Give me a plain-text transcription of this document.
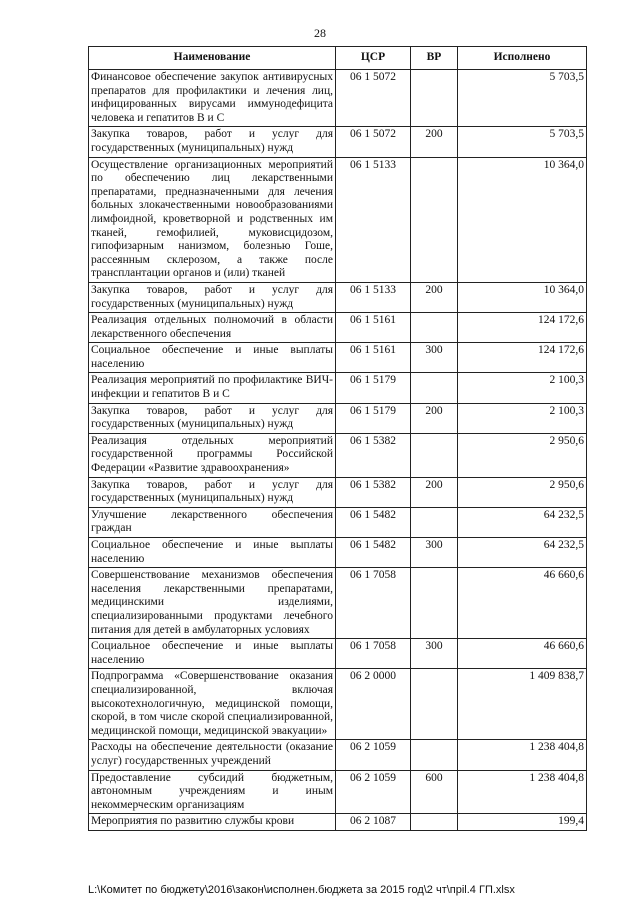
28
Наименование	ЦСР	ВР	Исполнено
Финансовое обеспечение закупок антивирусных препаратов для профилактики и лечения лиц, инфицированных вирусами иммунодефицита человека и гепатитов В и С	06 1 5072		5 703,5
Закупка товаров, работ и услуг для государственных (муниципальных) нужд	06 1 5072	200	5 703,5
Осуществление организационных мероприятий по обеспечению лиц лекарственными препаратами, предназначенными для лечения больных злокачественными новообразованиями лимфоидной, кроветворной и родственных им тканей, гемофилией, муковисцидозом, гипофизарным нанизмом, болезнью Гоше, рассеянным склерозом, а также после трансплантации органов и (или) тканей	06 1 5133		10 364,0
Закупка товаров, работ и услуг для государственных (муниципальных) нужд	06 1 5133	200	10 364,0
Реализация отдельных полномочий в области лекарственного обеспечения	06 1 5161		124 172,6
Социальное обеспечение и иные выплаты населению	06 1 5161	300	124 172,6
Реализация мероприятий по профилактике ВИЧ-инфекции и гепатитов В и С	06 1 5179		2 100,3
Закупка товаров, работ и услуг для государственных (муниципальных) нужд	06 1 5179	200	2 100,3
Реализация отдельных мероприятий государственной программы Российской Федерации «Развитие здравоохранения»	06 1 5382		2 950,6
Закупка товаров, работ и услуг для государственных (муниципальных) нужд	06 1 5382	200	2 950,6
Улучшение лекарственного обеспечения граждан	06 1 5482		64 232,5
Социальное обеспечение и иные выплаты населению	06 1 5482	300	64 232,5
Совершенствование механизмов обеспечения населения лекарственными препаратами, медицинскими изделиями, специализированными продуктами лечебного питания для детей в амбулаторных условиях	06 1 7058		46 660,6
Социальное обеспечение и иные выплаты населению	06 1 7058	300	46 660,6
Подпрограмма «Совершенствование оказания специализированной, включая высокотехнологичную, медицинской помощи, скорой, в том числе скорой специализированной, медицинской помощи, медицинской эвакуации»	06 2 0000		1 409 838,7
Расходы на обеспечение деятельности (оказание услуг) государственных учреждений	06 2 1059		1 238 404,8
Предоставление субсидий бюджетным, автономным учреждениям и иным некоммерческим организациям	06 2 1059	600	1 238 404,8
Мероприятия по развитию службы крови	06 2 1087		199,4
L:\Комитет по бюджету\2016\закон\исполнен.бюджета за 2015 год\2 чт\прil.4 ГП.xlsx
